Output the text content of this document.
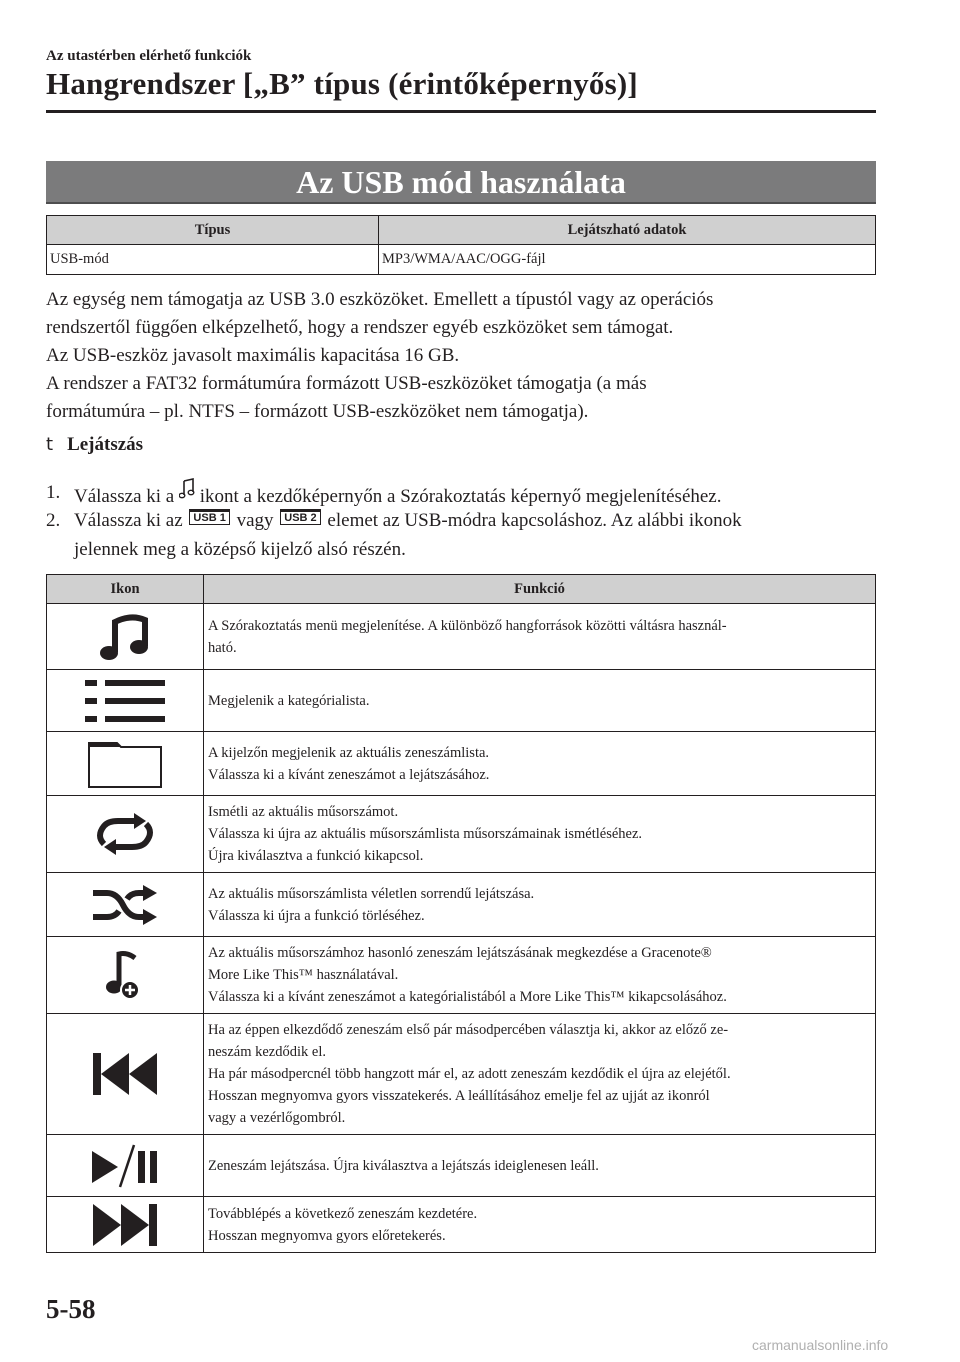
Az utastérben elérhető funkciók
Hangrendszer [„B” típus (érintőképernyős)]
Az USB mód használata
Típus	Lejátszható adatok
USB-mód	MP3/WMA/AAC/OGG-fájl

Az egység nem támogatja az USB 3.0 eszközöket. Emellett a típustól vagy az operációs

rendszertől függően elképzelhető, hogy a rendszer egyéb eszközöket sem támogat.

Az USB-eszköz javasolt maximális kapacitása 16 GB.

A rendszer a FAT32 formátumúra formázott USB-eszközöket támogatja (a más

formátumúra – pl. NTFS – formázott USB-eszközöket nem támogatja).

t Lejátszás
1. Válassza ki a ikont a kezdőképernyőn a Szórakoztatás képernyő megjelenítéséhez.
2. Válassza ki az USB 1 vagy USB 2 elemet az USB-módra kapcsoláshoz. Az alábbi ikonok
jelennek meg a középső kijelző alsó részén.
Ikon	Funkció

A Szórakoztatás menü megjelenítése. A különböző hangforrások közötti váltásra használ-
ható.

Megjelenik a kategórialista.

A kijelzőn megjelenik az aktuális zeneszámlista.
Válassza ki a kívánt zeneszámot a lejátszásához.

Ismétli az aktuális műsorszámot.
Válassza ki újra az aktuális műsorszámlista műsorszámainak ismétléséhez.
Újra kiválasztva a funkció kikapcsol.

Az aktuális műsorszámlista véletlen sorrendű lejátszása.
Válassza ki újra a funkció törléséhez.

Az aktuális műsorszámhoz hasonló zeneszám lejátszásának megkezdése a Gracenote®
More Like This™ használatával.
Válassza ki a kívánt zeneszámot a kategórialistából a More Like This™ kikapcsolásához.

Ha az éppen elkezdődő zeneszám első pár másodpercében választja ki, akkor az előző ze-
neszám kezdődik el.
Ha pár másodpercnél több hangzott már el, az adott zeneszám kezdődik el újra az elejétől.
Hosszan megnyomva gyors visszatekerés. A leállításához emelje fel az ujját az ikonról
vagy a vezérlőgombról.

Zeneszám lejátszása. Újra kiválasztva a lejátszás ideiglenesen leáll.

Továbblépés a következő zeneszám kezdetére.
Hosszan megnyomva gyors előretekerés.
5-58
carmanualsonline.info
